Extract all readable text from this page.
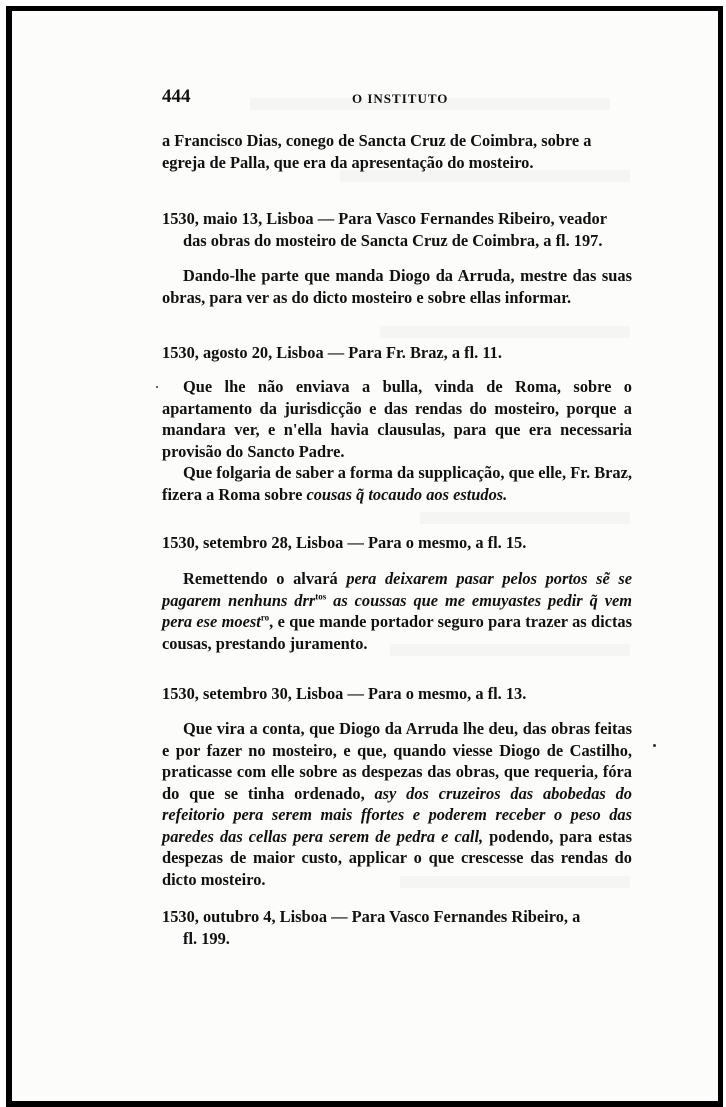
444	O INSTITUTO
a Francisco Dias, conego de Sancta Cruz de Coimbra, sobre a
egreja de Palla, que era da apresentação do mosteiro.
1530, maio 13, Lisboa — Para Vasco Fernandes Ribeiro, veador
das obras do mosteiro de Sancta Cruz de Coimbra, a fl. 197.
Dando-lhe parte que manda Diogo da Arruda, mestre das suas obras, para ver as do dicto mosteiro e sobre ellas informar.
1530, agosto 20, Lisboa — Para Fr. Braz, a fl. 11.
Que lhe não enviava a bulla, vinda de Roma, sobre o apartamento da jurisdicção e das rendas do mosteiro, porque a mandara ver, e n'ella havia clausulas, para que era necessaria provisão do Sancto Padre.
Que folgaria de saber a forma da supplicação, que elle, Fr. Braz, fizera a Roma sobre cousas q̃ tocaudo aos estudos.
1530, setembro 28, Lisboa — Para o mesmo, a fl. 15.
Remettendo o alvará pera deixarem pasar pelos portos sẽ se pagarem nenhuns drr$^{tos}$ as coussas que me emuyastes pedir q̃ vem pera ese moest$^{ro}$, e que mande portador seguro para trazer as dictas cousas, prestando juramento.
1530, setembro 30, Lisboa — Para o mesmo, a fl. 13.
Que vira a conta, que Diogo da Arruda lhe deu, das obras feitas e por fazer no mosteiro, e que, quando viesse Diogo de Castilho, praticasse com elle sobre as despezas das obras, que requeria, fóra do que se tinha ordenado, asy dos cruzeiros das abobedas do refeitorio pera serem mais ffortes e poderem receber o peso das paredes das cellas pera serem de pedra e call, podendo, para estas despezas de maior custo, applicar o que crescesse das rendas do dicto mosteiro.
1530, outubro 4, Lisboa — Para Vasco Fernandes Ribeiro, a
fl. 199.
